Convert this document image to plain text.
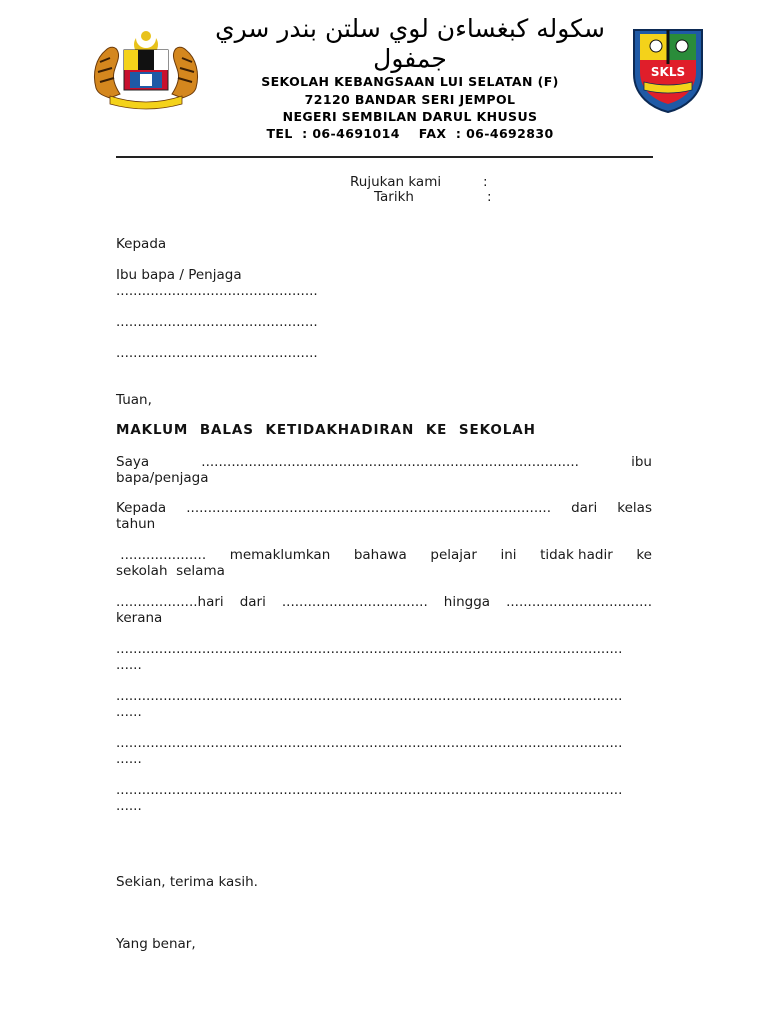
سكوله كبغساءن لوي سلتن بندر سري جمفول
SEKOLAH KEBANGSAAN LUI SELATAN (F)
72120 BANDAR SERI JEMPOL
NEGERI SEMBILAN DARUL KHUSUS
TEL  : 06-4691014    FAX  : 06-4692830
SKLS
Rujukan kami	:
Tarikh	:
Kepada
Ibu bapa / Penjaga
...............................................
...............................................
...............................................
Tuan,
MAKLUM BALAS KETIDAKHADIRAN KE SEKOLAH
Saya	........................................................................................	ibu
bapa/penjaga
Kepada ..................................................................................... dari kelas
tahun
.................... memaklumkan bahawa pelajar ini tidak hadir ke
sekolah  selama
...................hari dari .................................. hingga ..................................
kerana
......................................................................................................................
......
......................................................................................................................
......
......................................................................................................................
......
......................................................................................................................
......
Sekian, terima kasih.
Yang benar,
